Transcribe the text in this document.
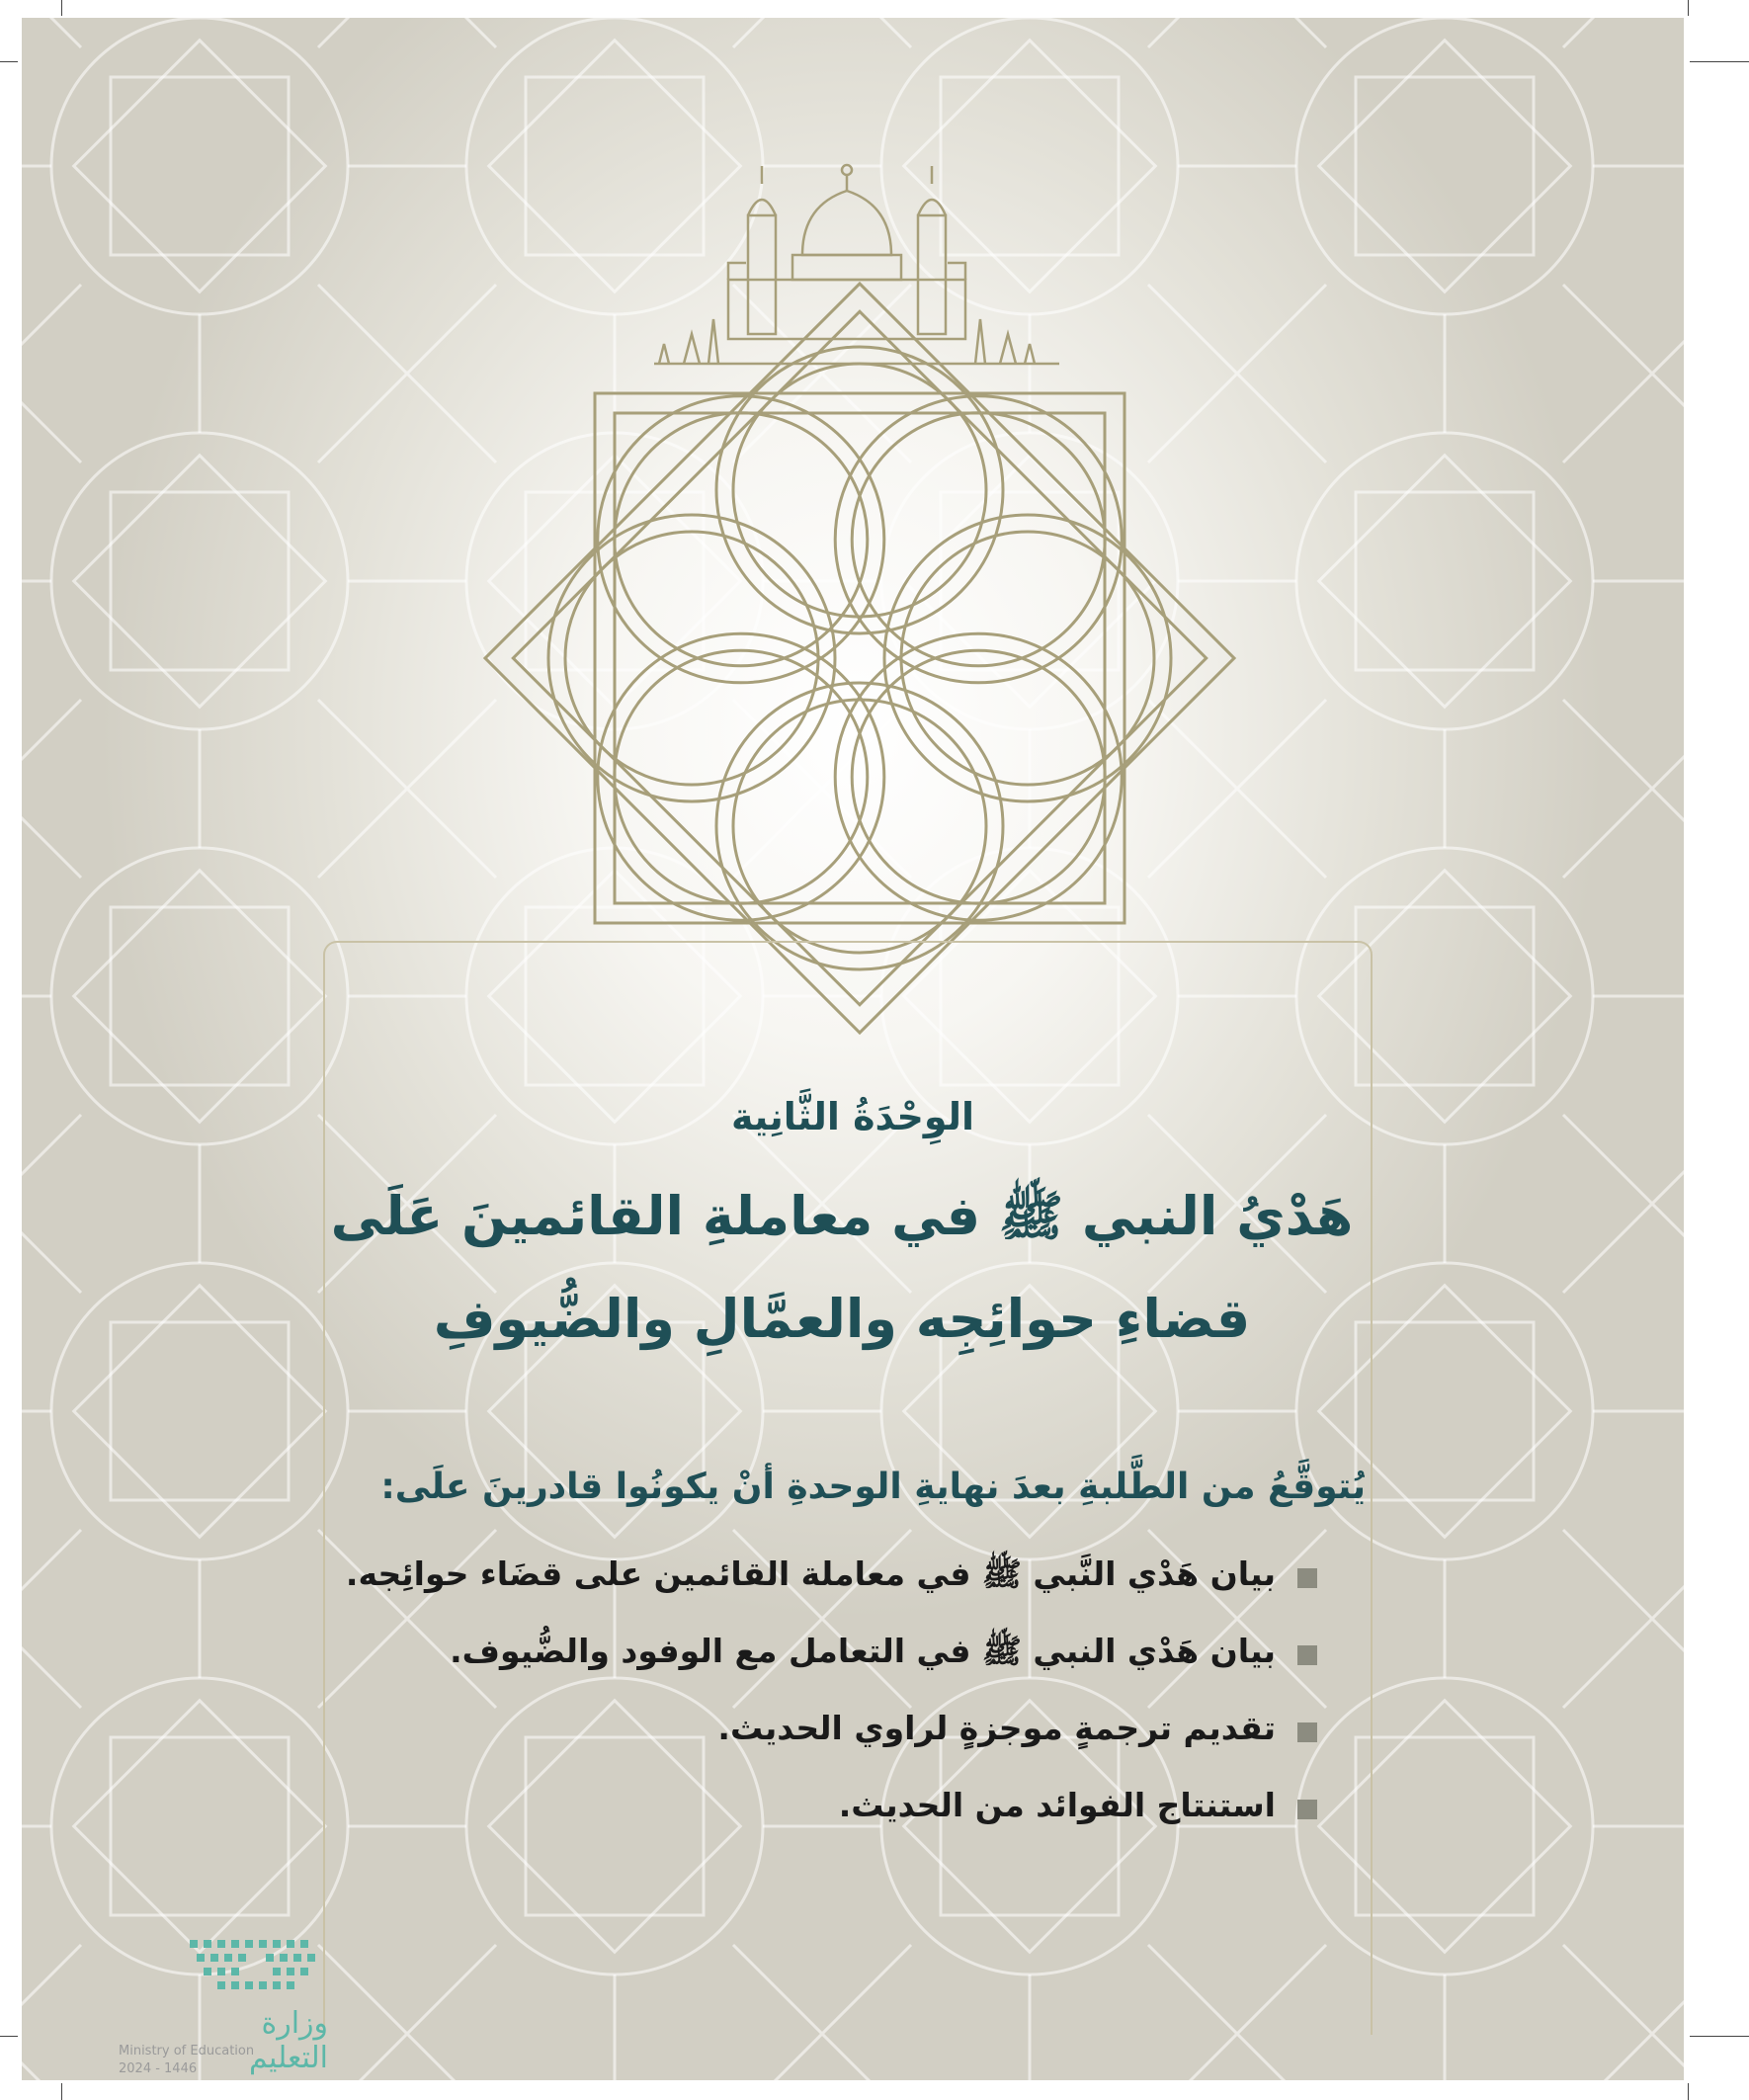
الوِحْدَةُ الثَّانِية
هَدْيُ النبي ﷺ في معاملةِ القائمينَ عَلَى
قضاءِ حوائِجِه والعمَّالِ والضُّيوفِ
يُتوقَّعُ من الطَّلبةِ بعدَ نهايةِ الوحدةِ أنْ يكونُوا قادرينَ علَى:
بيان هَدْي النَّبي ﷺ في معاملة القائمين على قضَاء حوائِجه.
بيان هَدْي النبي ﷺ في التعامل مع الوفود والضُّيوف.
تقديم ترجمةٍ موجزةٍ لراوي الحديث.
استنتاج الفوائد من الحديث.
وزارة التعليم
Ministry of Education
2024 - 1446
